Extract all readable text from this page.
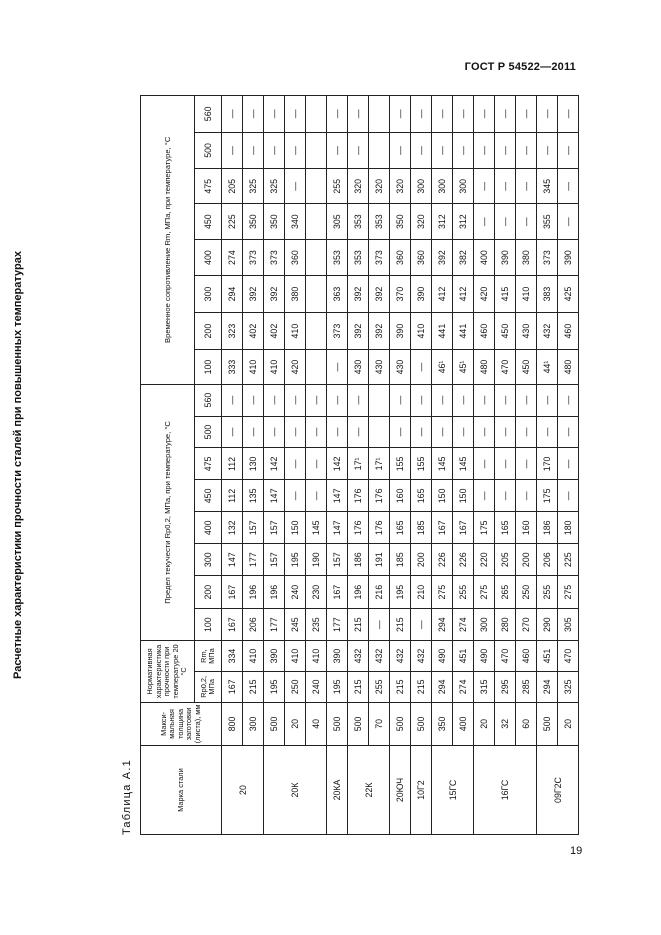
ГОСТ Р 54522—2011
Расчетные характеристики прочности сталей при повышенных температурах
Таблица А.1	Марка стали	Макси-мальная толщина заготовки (листа), мм	Нормативная характеристика прочности при температуре 20 °С		Предел текучести Rp0,2, МПа, при температуре, °С								Временное сопротивление Rm, МПа, при температуре, °С							
		Rp0,2, МПа	Rm, МПа	100	200	300	400	450	475	500	560	100	200	300	400	450	475	500	560
20	800	167	334	167	167	147	132	112	112	—	—	333	323	294	274	225	205	—	—
	300	215	410	206	196	177	157	135	130	—	—	410	402	392	373	350	325	—	—
20К	500	195	390	177	196	157	157	147	142	—	—	410	402	392	373	350	325	—	—
	20	250	410	245	240	195	150	—	—	—	—	420	410	380	360	340	—	—	—
	40	240	410	235	230	190	145	—	—	—	—								
20КА	500	195	390	177	167	157	147	147	142	—	—	—	373	363	353	305	255	—	—
22К	500	215	432	215	196	186	176	176	17¹	—	—	430	392	392	353	353	320	—	—
	70	255	432	—	216	191	176	176	17¹			430	392	392	373	353	320		
20ЮЧ	500	215	432	215	195	185	165	160	155	—	—	430	390	370	360	350	320	—	—
10Г2	500	215	432	—	210	200	185	165	155	—	—	—	410	390	360	320	300	—	—
15ГС	350	294	490	294	275	226	167	150	145	—	—	46¹	441	412	392	312	300	—	—
	400	274	451	274	255	226	167	150	145	—	—	45¹	441	412	382	312	300	—	—
16ГС	20	315	490	300	275	220	175	—	—	—	—	480	460	420	400	—	—	—	—
	32	295	470	280	265	205	165	—	—	—	—	470	450	415	390	—	—	—	—
	60	285	460	270	250	200	160	—	—	—	—	450	430	410	380	—	—	—	—
09Г2С	500	294	451	290	255	206	186	175	170	—	—	44¹	432	383	373	355	345	—	—
	20	325	470	305	275	225	180	—	—	—	—	480	460	425	390	—	—	—	—
19
